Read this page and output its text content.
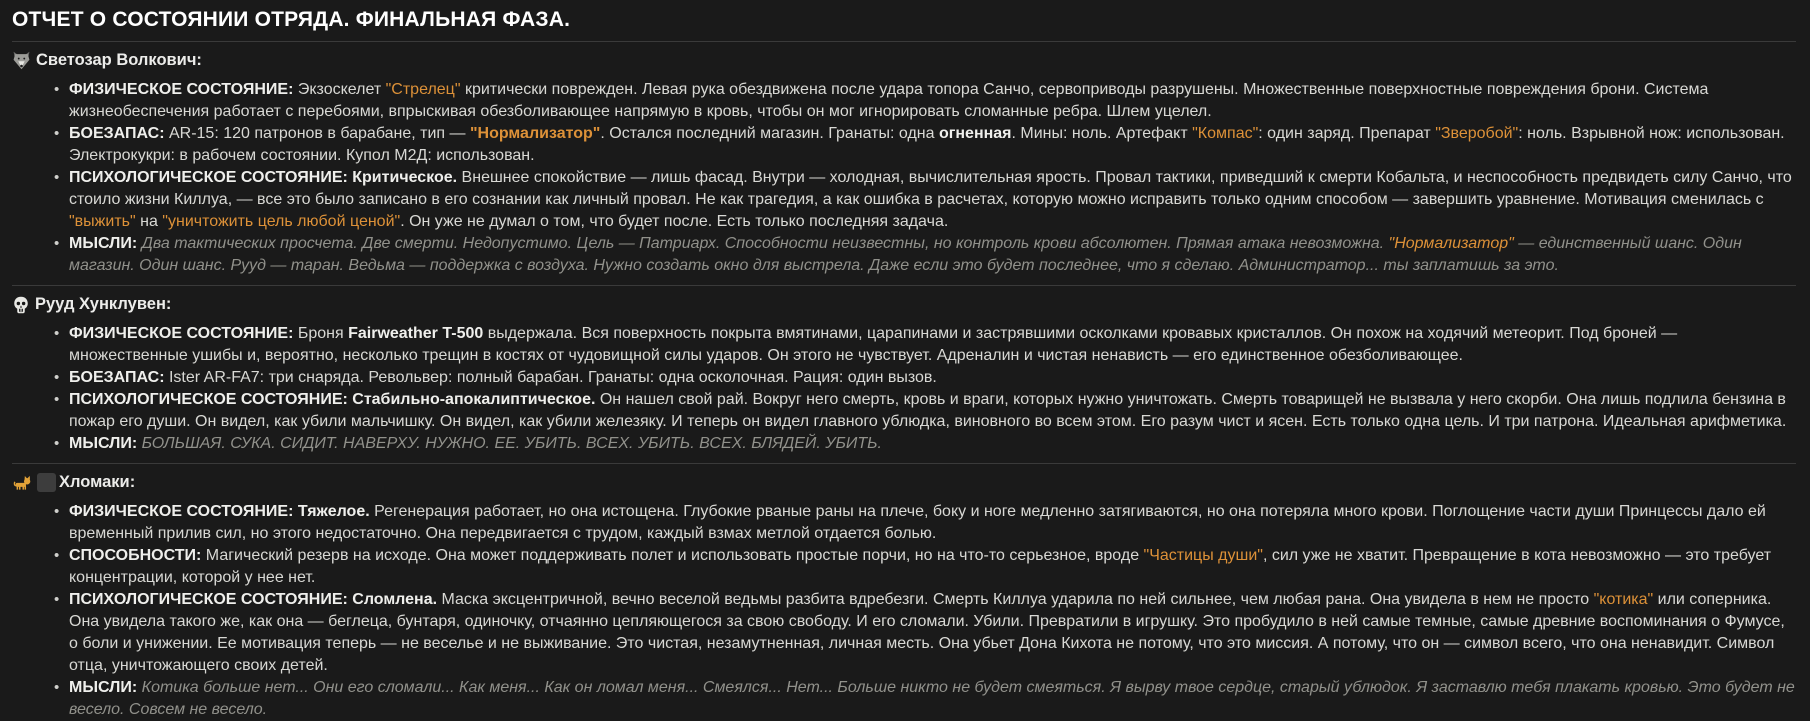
ОТЧЕТ О СОСТОЯНИИ ОТРЯДА. ФИНАЛЬНАЯ ФАЗА.

Светозар Волкович:

• ФИЗИЧЕСКОЕ СОСТОЯНИЕ: Экзоскелет "Стрелец" критически поврежден. Левая рука обездвижена после удара топора Санчо, сервоприводы разрушены. Множественные поверхностные повреждения брони. Система жизнеобеспечения работает с перебоями, впрыскивая обезболивающее напрямую в кровь, чтобы он мог игнорировать сломанные ребра. Шлем уцелел.
• БОЕЗАПАС: AR-15: 120 патронов в барабане, тип — "Нормализатор". Остался последний магазин. Гранаты: одна огненная. Мины: ноль. Артефакт "Компас": один заряд. Препарат "Зверобой": ноль. Взрывной нож: использован. Электрокукри: в рабочем состоянии. Купол М2Д: использован.
• ПСИХОЛОГИЧЕСКОЕ СОСТОЯНИЕ: Критическое. Внешнее спокойствие — лишь фасад. Внутри — холодная, вычислительная ярость. Провал тактики, приведший к смерти Кобальта, и неспособность предвидеть силу Санчо, что стоило жизни Киллуа, — все это было записано в его сознании как личный провал. Не как трагедия, а как ошибка в расчетах, которую можно исправить только одним способом — завершить уравнение. Мотивация сменилась с "выжить" на "уничтожить цель любой ценой". Он уже не думал о том, что будет после. Есть только последняя задача.
• МЫСЛИ: Два тактических просчета. Две смерти. Недопустимо. Цель — Патриарх. Способности неизвестны, но контроль крови абсолютен. Прямая атака невозможна. "Нормализатор" — единственный шанс. Один магазин. Один шанс. Рууд — таран. Ведьма — поддержка с воздуха. Нужно создать окно для выстрела. Даже если это будет последнее, что я сделаю. Администратор... ты заплатишь за это.

Рууд Хунклувен:

• ФИЗИЧЕСКОЕ СОСТОЯНИЕ: Броня Fairweather T-500 выдержала. Вся поверхность покрыта вмятинами, царапинами и застрявшими осколками кровавых кристаллов. Он похож на ходячий метеорит. Под броней — множественные ушибы и, вероятно, несколько трещин в костях от чудовищной силы ударов. Он этого не чувствует. Адреналин и чистая ненависть — его единственное обезболивающее.
• БОЕЗАПАС: Ister AR-FA7: три снаряда. Револьвер: полный барабан. Гранаты: одна осколочная. Рация: один вызов.
• ПСИХОЛОГИЧЕСКОЕ СОСТОЯНИЕ: Стабильно-апокалиптическое. Он нашел свой рай. Вокруг него смерть, кровь и враги, которых нужно уничтожать. Смерть товарищей не вызвала у него скорби. Она лишь подлила бензина в пожар его души. Он видел, как убили мальчишку. Он видел, как убили железяку. И теперь он видел главного ублюдка, виновного во всем этом. Его разум чист и ясен. Есть только одна цель. И три патрона. Идеальная арифметика.
• МЫСЛИ: БОЛЬШАЯ. СУКА. СИДИТ. НАВЕРХУ. НУЖНО. ЕЕ. УБИТЬ. ВСЕХ. УБИТЬ. ВСЕХ. БЛЯДЕЙ. УБИТЬ.

Хломаки:

• ФИЗИЧЕСКОЕ СОСТОЯНИЕ: Тяжелое. Регенерация работает, но она истощена. Глубокие рваные раны на плече, боку и ноге медленно затягиваются, но она потеряла много крови. Поглощение части души Принцессы дало ей временный прилив сил, но этого недостаточно. Она передвигается с трудом, каждый взмах метлой отдается болью.
• СПОСОБНОСТИ: Магический резерв на исходе. Она может поддерживать полет и использовать простые порчи, но на что-то серьезное, вроде "Частицы души", сил уже не хватит. Превращение в кота невозможно — это требует концентрации, которой у нее нет.
• ПСИХОЛОГИЧЕСКОЕ СОСТОЯНИЕ: Сломлена. Маска эксцентричной, вечно веселой ведьмы разбита вдребезги. Смерть Киллуа ударила по ней сильнее, чем любая рана. Она увидела в нем не просто "котика" или соперника. Она увидела такого же, как она — беглеца, бунтаря, одиночку, отчаянно цепляющегося за свою свободу. И его сломали. Убили. Превратили в игрушку. Это пробудило в ней самые темные, самые древние воспоминания о Фумусе, о боли и унижении. Ее мотивация теперь — не веселье и не выживание. Это чистая, незамутненная, личная месть. Она убьет Дона Кихота не потому, что это миссия. А потому, что он — символ всего, что она ненавидит. Символ отца, уничтожающего своих детей.
• МЫСЛИ: Котика больше нет... Они его сломали... Как меня... Как он ломал меня... Смеялся... Нет... Больше никто не будет смеяться. Я вырву твое сердце, старый ублюдок. Я заставлю тебя плакать кровью. Это будет не весело. Совсем не весело.
